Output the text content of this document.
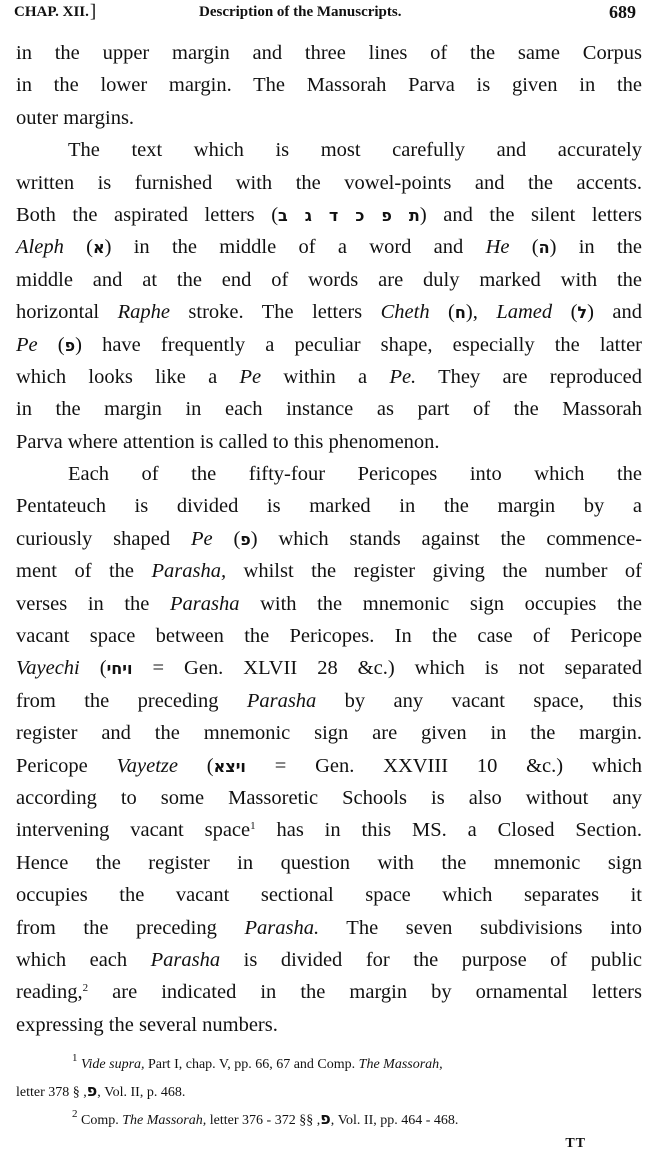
CHAP. XII. ]	Description of the Manuscripts.	689
in the upper margin and three lines of the same Corpus
in the lower margin. The Massorah Parva is given in the
outer margins.
The text which is most carefully and accurately
written is furnished with the vowel-points and the accents.
Both the aspirated letters (ת פ כ ד ג ב) and the silent letters
Aleph (א) in the middle of a word and He (ה) in the
middle and at the end of words are duly marked with the
horizontal Raphe stroke. The letters Cheth (ח), Lamed (ל) and
Pe (פ) have frequently a peculiar shape, especially the latter
which looks like a Pe within a Pe. They are reproduced
in the margin in each instance as part of the Massorah
Parva where attention is called to this phenomenon.
Each of the fifty-four Pericopes into which the
Pentateuch is divided is marked in the margin by a
curiously shaped Pe (פ) which stands against the commence-
ment of the Parasha, whilst the register giving the number of
verses in the Parasha with the mnemonic sign occupies the
vacant space between the Pericopes. In the case of Pericope
Vayechi (ויחי = Gen. XLVII 28 &c.) which is not separated
from the preceding Parasha by any vacant space, this
register and the mnemonic sign are given in the margin.
Pericope Vayetze (ויצא = Gen. XXVIII 10 &c.) which
according to some Massoretic Schools is also without any
intervening vacant space$^1$ has in this MS. a Closed Section.
Hence the register in question with the mnemonic sign
occupies the vacant sectional space which separates it
from the preceding Parasha. The seven subdivisions into
which each Parasha is divided for the purpose of public
reading,$^2$ are indicated in the margin by ornamental letters
expressing the several numbers.
$^1$ Vide supra, Part I, chap. V, pp. 66, 67 and Comp. The Massorah,
letter פ, § 378, Vol. II, p. 468.
$^2$ Comp. The Massorah, letter	פ, §§ 372 - 376, Vol. II, pp. 464 - 468.
TT
